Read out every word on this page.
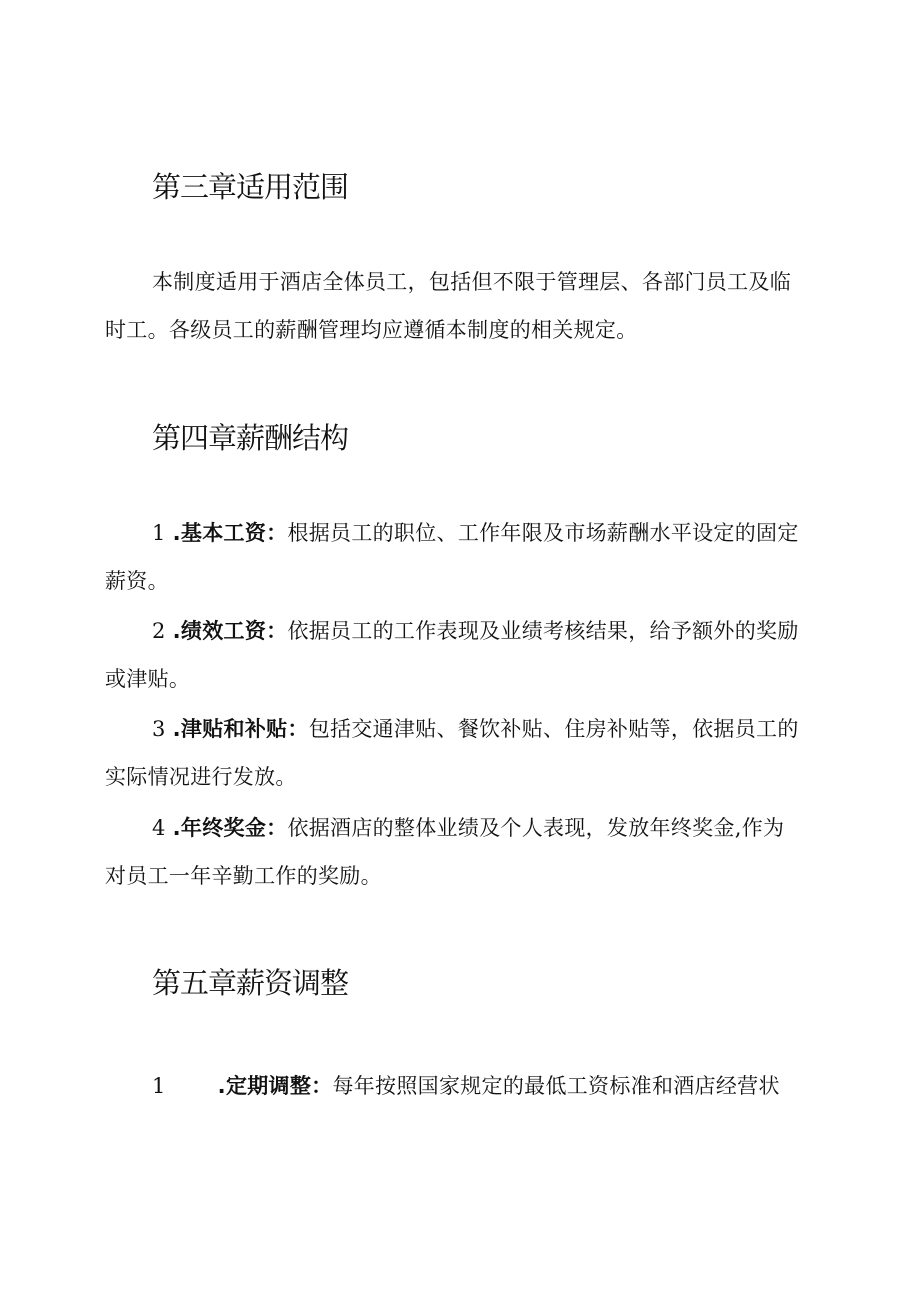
第三章适用范围
本制度适用于酒店全体员工，包括但不限于管理层、各部门员工及临
时工。各级员工的薪酬管理均应遵循本制度的相关规定。
第四章薪酬结构
1 .基本工资：根据员工的职位、工作年限及市场薪酬水平设定的固定
薪资。
2 .绩效工资：依据员工的工作表现及业绩考核结果，给予额外的奖励
或津贴。
3 .津贴和补贴：包括交通津贴、餐饮补贴、住房补贴等，依据员工的
实际情况进行发放。
4 .年终奖金：依据酒店的整体业绩及个人表现，发放年终奖金,作为
对员工一年辛勤工作的奖励。
第五章薪资调整
1 .定期调整：每年按照国家规定的最低工资标准和酒店经营状
